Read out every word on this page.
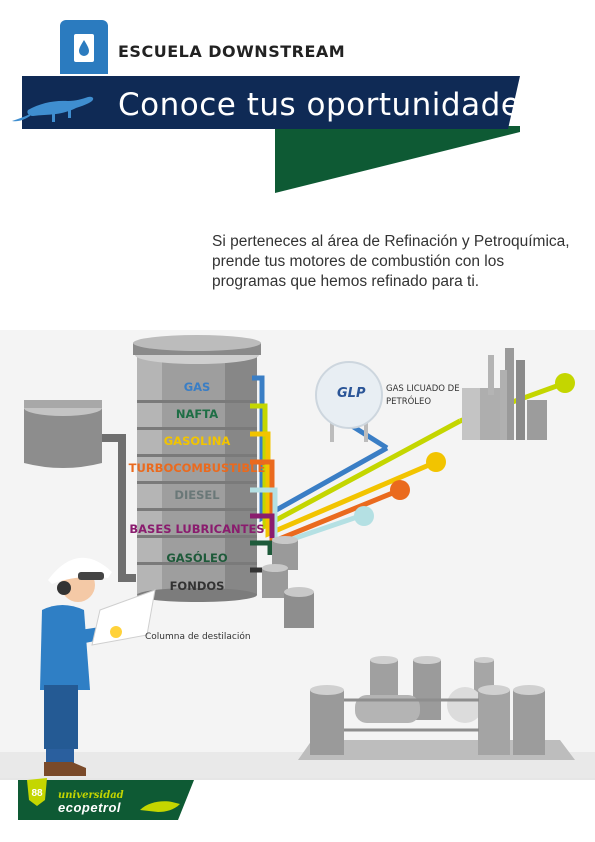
ESCUELA DOWNSTREAM
Conoce tus oportunidades
Si perteneces al área de Refinación y Petroquímica, prende tus motores de combustión con los programas que hemos refinado para ti.
GAS
NAFTA
GASOLINA
TURBOCOMBUSTIBLE
DIESEL
BASES LUBRICANTES
GASÓLEO
FONDOS
GLP GAS LICUADO DE PETRÓLEO
Columna de destilación
88	universidad
ecopetrol
